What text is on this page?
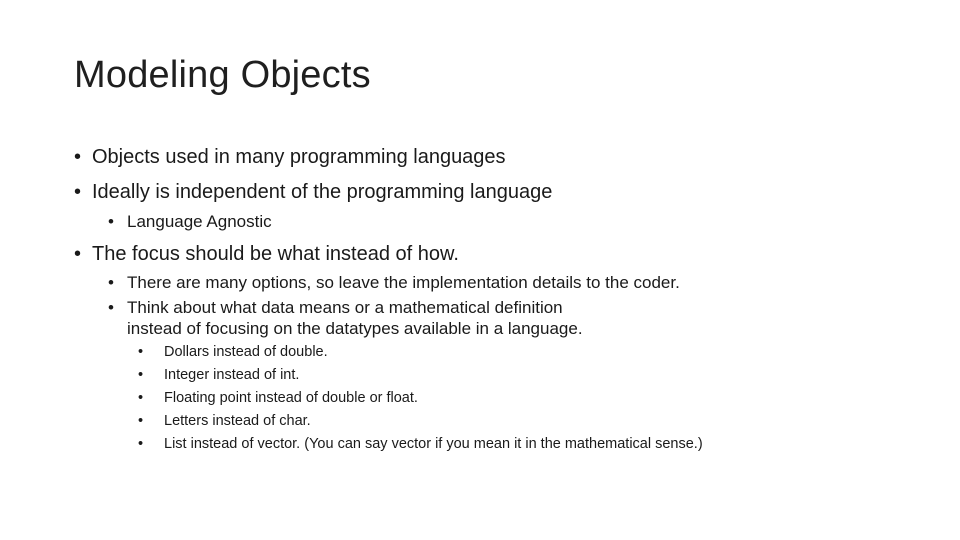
Modeling Objects
• Objects used in many programming languages
• Ideally is independent of the programming language
• Language Agnostic
• The focus should be what instead of how.
• There are many options, so leave the implementation details to the coder.
• Think about what data means or a mathematical definition
instead of focusing on the datatypes available in a language.
•	Dollars instead of double.
•	Integer instead of int.
•	Floating point instead of double or float.
•	Letters instead of char.
•	List instead of vector. (You can say vector if you mean it in the mathematical sense.)
